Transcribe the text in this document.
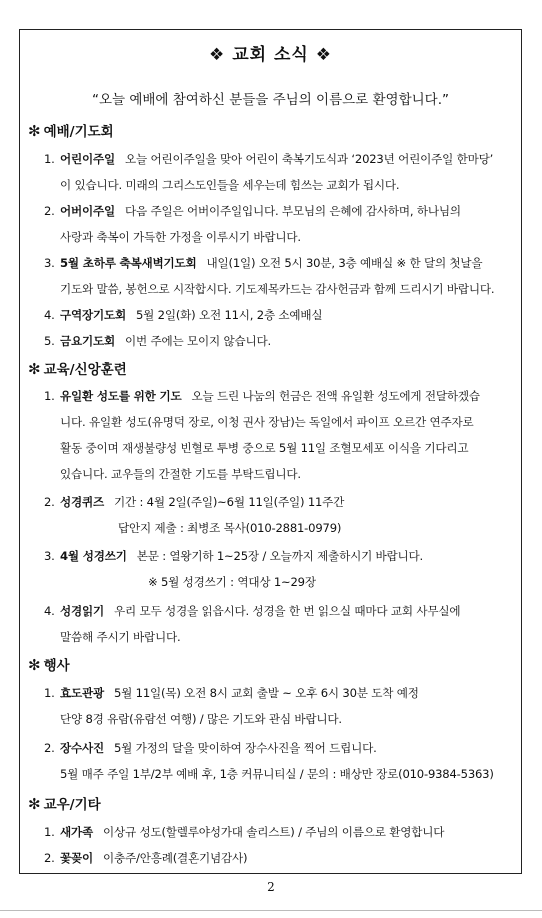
❖ 교회 소식 ❖
“오늘 예배에 참여하신 분들을 주님의 이름으로 환영합니다.”
✻ 예배/기도회
1. 어린이주일 오늘 어린이주일을 맞아 어린이 축복기도식과 ‘2023년 어린이주일 한마당’
이 있습니다. 미래의 그리스도인들을 세우는데 힘쓰는 교회가 됩시다.
2. 어버이주일 다음 주일은 어버이주일입니다. 부모님의 은혜에 감사하며, 하나님의
사랑과 축복이 가득한 가정을 이루시기 바랍니다.
3. 5월 초하루 축복새벽기도회 내일(1일) 오전 5시 30분, 3층 예배실 ※ 한 달의 첫날을
기도와 말씀, 봉헌으로 시작합시다. 기도제목카드는 감사헌금과 함께 드리시기 바랍니다.
4. 구역장기도회 5월 2일(화) 오전 11시, 2층 소예배실
5. 금요기도회 이번 주에는 모이지 않습니다.
✻ 교육/신앙훈련
1. 유일환 성도를 위한 기도 오늘 드린 나눔의 헌금은 전액 유일환 성도에게 전달하겠습
니다. 유일환 성도(유명덕 장로, 이청 권사 장남)는 독일에서 파이프 오르간 연주자로
활동 중이며 재생불량성 빈혈로 투병 중으로 5월 11일 조혈모세포 이식을 기다리고
있습니다. 교우들의 간절한 기도를 부탁드립니다.
2. 성경퀴즈 기간 : 4월 2일(주일)~6월 11일(주일) 11주간
답안지 제출 : 최병조 목사(010-2881-0979)
3. 4월 성경쓰기 본문 : 열왕기하 1~25장 / 오늘까지 제출하시기 바랍니다.
※ 5월 성경쓰기 : 역대상 1~29장
4. 성경읽기 우리 모두 성경을 읽읍시다. 성경을 한 번 읽으실 때마다 교회 사무실에
말씀해 주시기 바랍니다.
✻ 행사
1. 효도관광 5월 11일(목) 오전 8시 교회 출발 ~ 오후 6시 30분 도착 예정
단양 8경 유람(유람선 여행) / 많은 기도와 관심 바랍니다.
2. 장수사진 5월 가정의 달을 맞이하여 장수사진을 찍어 드립니다.
5월 매주 주일 1부/2부 예배 후, 1층 커뮤니티실 / 문의 : 배상만 장로(010-9384-5363)
✻ 교우/기타
1. 새가족 이상규 성도(할렐루야성가대 솔리스트) / 주님의 이름으로 환영합니다
2. 꽃꽂이 이충주/안흥례(결혼기념감사)
2
